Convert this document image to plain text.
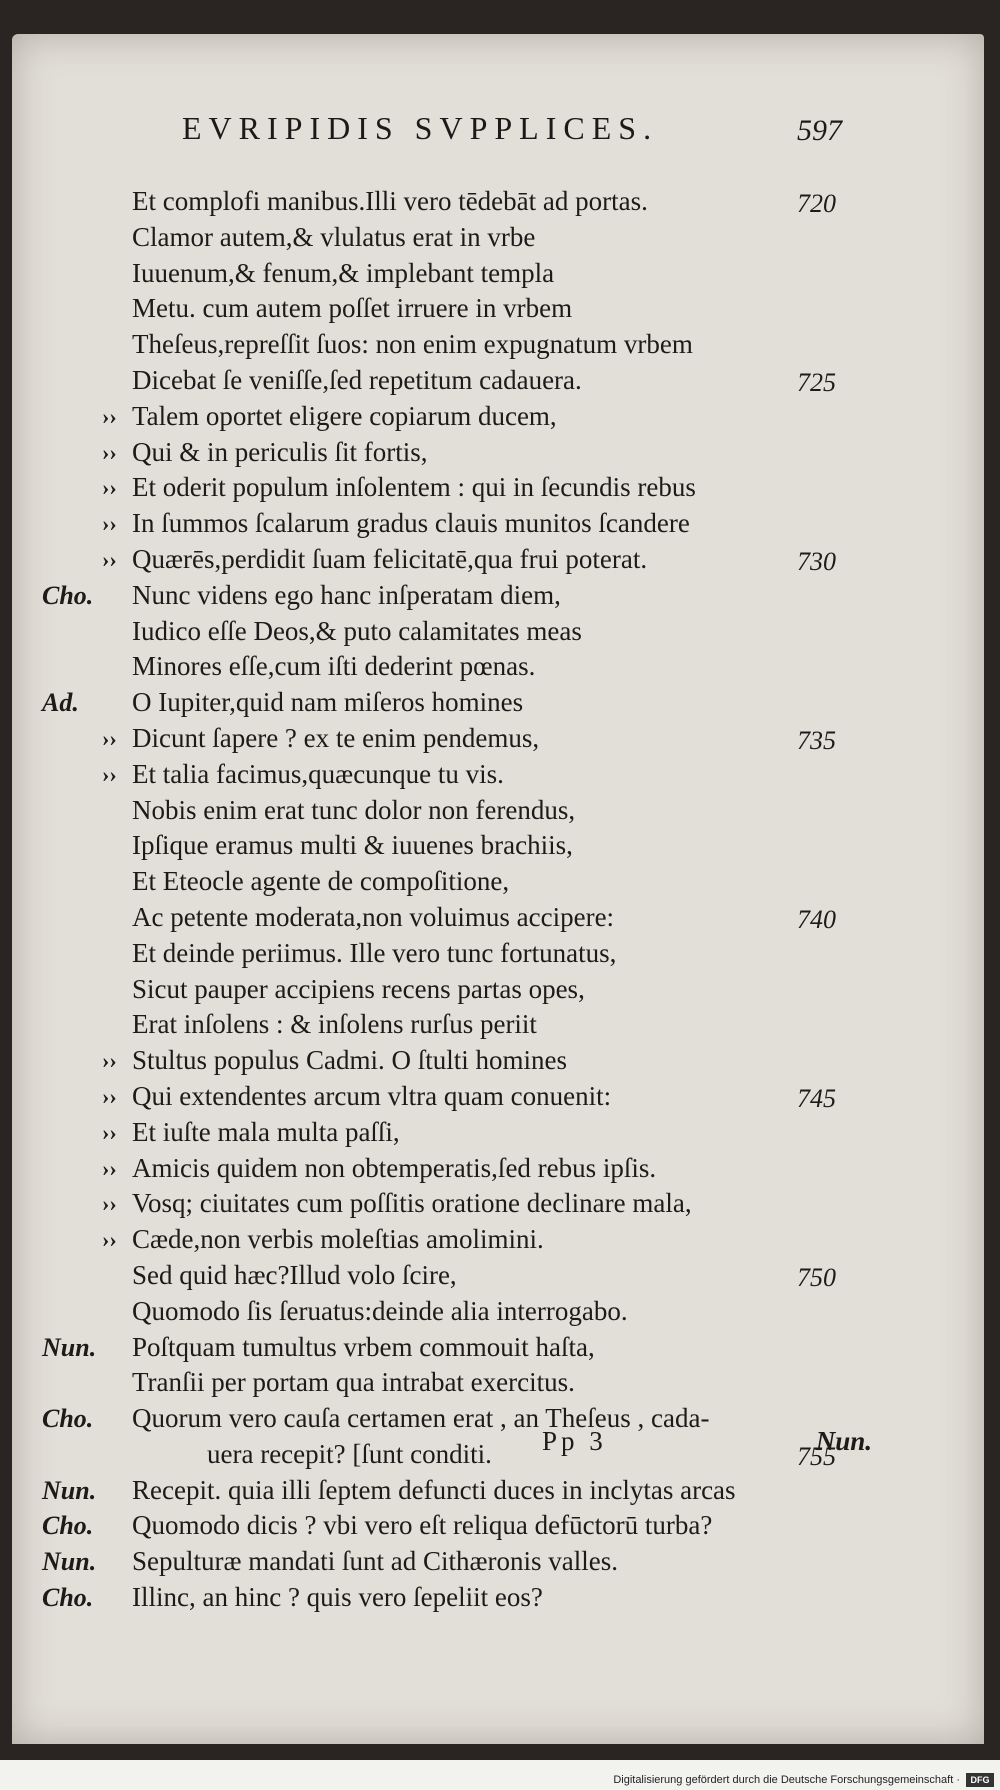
EVRIPIDIS SVPPLICES.	597
Et complofi manibus.Illi vero tēdebāt ad portas.	720
Clamor autem,& vlulatus erat in vrbe
Iuuenum,& fenum,& implebant templa
Metu. cum autem poſſet irruere in vrbem
Theſeus,repreſſit ſuos: non enim expugnatum vrbem
Dicebat ſe veniſſe,ſed repetitum cadauera.	725
›› Talem oportet eligere copiarum ducem,
›› Qui & in periculis ſit fortis,
›› Et oderit populum inſolentem : qui in ſecundis rebus
›› In ſummos ſcalarum gradus clauis munitos ſcandere
›› Quærēs,perdidit ſuam felicitatē,qua frui poterat.	730
Cho.	Nunc videns ego hanc inſperatam diem,
Iudico eſſe Deos,& puto calamitates meas
Minores eſſe,cum iſti dederint pœnas.
Ad.	O Iupiter,quid nam miſeros homines
›› Dicunt ſapere ? ex te enim pendemus,	735
›› Et talia facimus,quæcunque tu vis.
Nobis enim erat tunc dolor non ferendus,
Ipſique eramus multi & iuuenes brachiis,
Et Eteocle agente de compoſitione,
Ac petente moderata,non voluimus accipere:	740
Et deinde periimus. Ille vero tunc fortunatus,
Sicut pauper accipiens recens partas opes,
Erat inſolens : & inſolens rurſus periit
›› Stultus populus Cadmi. O ſtulti homines
›› Qui extendentes arcum vltra quam conuenit:	745
›› Et iuſte mala multa paſſi,
›› Amicis quidem non obtemperatis,ſed rebus ipſis.
›› Vosq; ciuitates cum poſſitis oratione declinare mala,
›› Cæde,non verbis moleſtias amolimini.
Sed quid hæc?Illud volo ſcire,	750
Quomodo ſis ſeruatus:deinde alia interrogabo.
Nun.	Poſtquam tumultus vrbem commouit haſta,
Tranſii per portam qua intrabat exercitus.
Cho.	Quorum vero cauſa certamen erat , an Theſeus , cada-
uera recepit? [ſunt conditi.	755
Nun.	Recepit. quia illi ſeptem defuncti duces in inclytas arcas
Cho.	Quomodo dicis ? vbi vero eſt reliqua defūctorū turba?
Nun.	Sepulturæ mandati ſunt ad Cithæronis valles.
Cho.	Illinc, an hinc ? quis vero ſepeliit eos?
Pp 3	Nun.
Digitalisierung gefördert durch die Deutsche Forschungsgemeinschaft ·	DFG
